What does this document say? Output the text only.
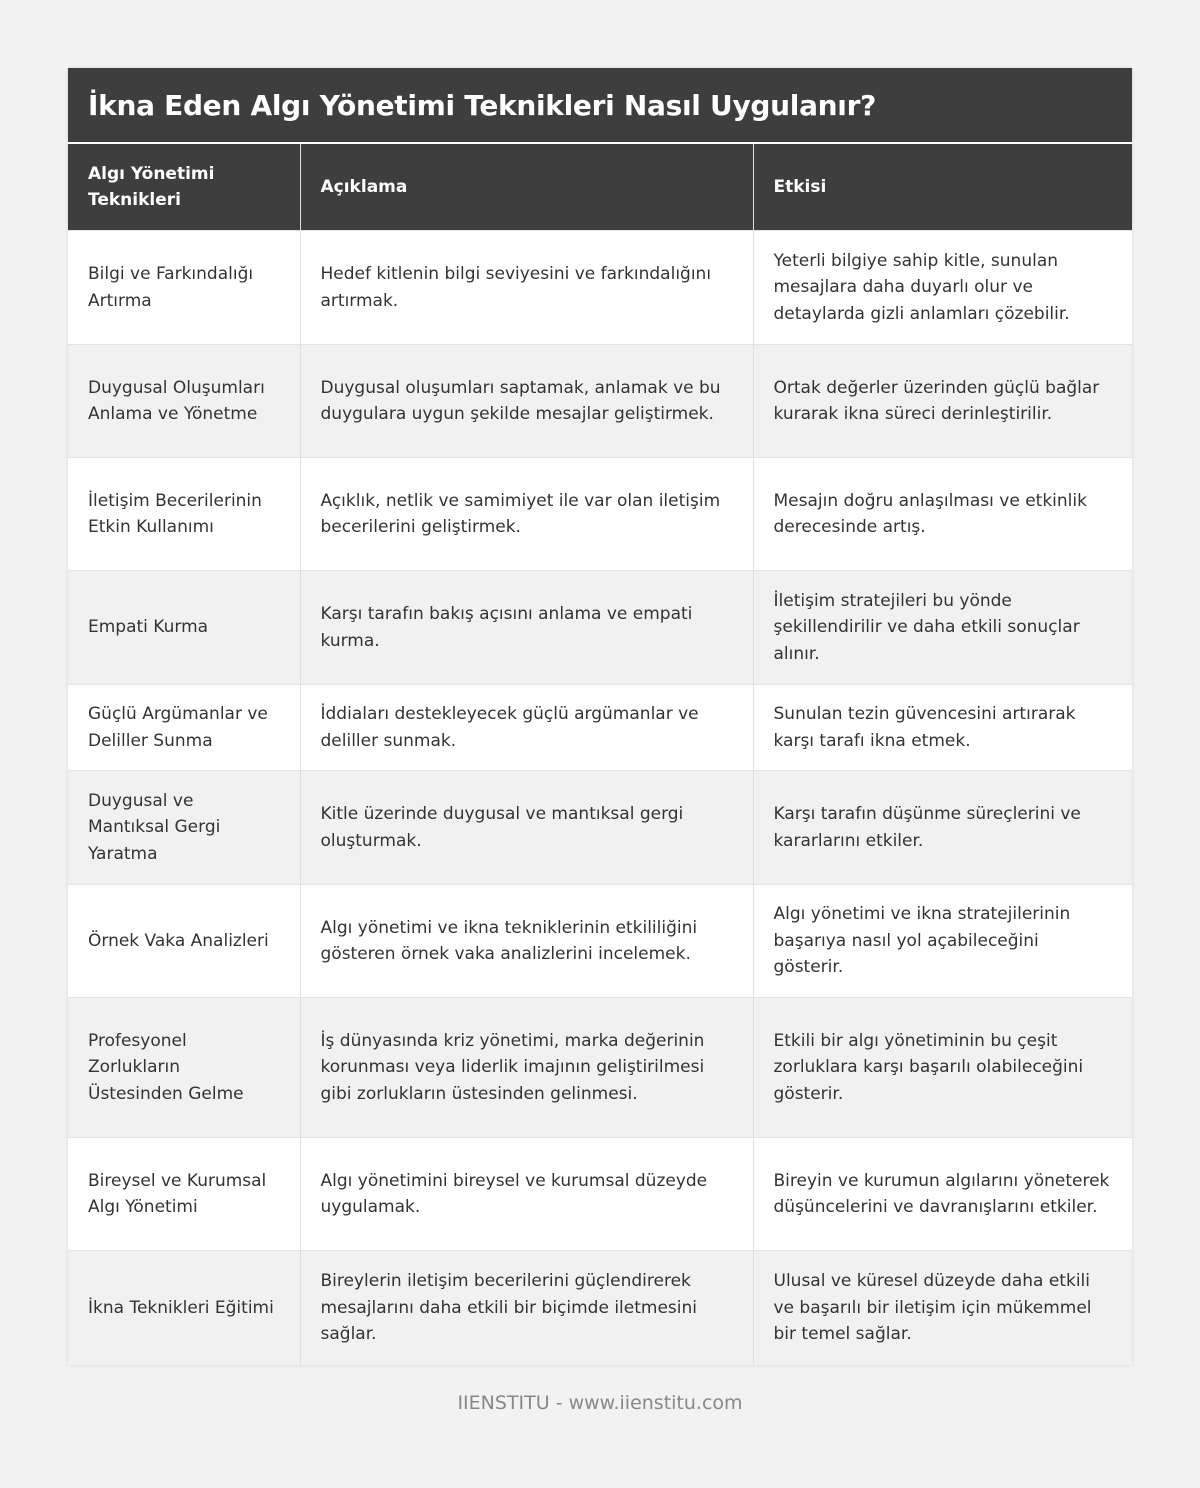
İkna Eden Algı Yönetimi Teknikleri Nasıl Uygulanır?
Algı Yönetimi Teknikleri	Açıklama	Etkisi
Bilgi ve Farkındalığı Artırma	Hedef kitlenin bilgi seviyesini ve farkındalığını artırmak.	Yeterli bilgiye sahip kitle, sunulan mesajlara daha duyarlı olur ve detaylarda gizli anlamları çözebilir.
Duygusal Oluşumları Anlama ve Yönetme	Duygusal oluşumları saptamak, anlamak ve bu duygulara uygun şekilde mesajlar geliştirmek.	Ortak değerler üzerinden güçlü bağlar kurarak ikna süreci derinleştirilir.
İletişim Becerilerinin Etkin Kullanımı	Açıklık, netlik ve samimiyet ile var olan iletişim becerilerini geliştirmek.	Mesajın doğru anlaşılması ve etkinlik derecesinde artış.
Empati Kurma	Karşı tarafın bakış açısını anlama ve empati kurma.	İletişim stratejileri bu yönde şekillendirilir ve daha etkili sonuçlar alınır.
Güçlü Argümanlar ve Deliller Sunma	İddiaları destekleyecek güçlü argümanlar ve deliller sunmak.	Sunulan tezin güvencesini artırarak karşı tarafı ikna etmek.
Duygusal ve Mantıksal Gergi Yaratma	Kitle üzerinde duygusal ve mantıksal gergi oluşturmak.	Karşı tarafın düşünme süreçlerini ve kararlarını etkiler.
Örnek Vaka Analizleri	Algı yönetimi ve ikna tekniklerinin etkililiğini gösteren örnek vaka analizlerini incelemek.	Algı yönetimi ve ikna stratejilerinin başarıya nasıl yol açabileceğini gösterir.
Profesyonel Zorlukların Üstesinden Gelme	İş dünyasında kriz yönetimi, marka değerinin korunması veya liderlik imajının geliştirilmesi gibi zorlukların üstesinden gelinmesi.	Etkili bir algı yönetiminin bu çeşit zorluklara karşı başarılı olabileceğini gösterir.
Bireysel ve Kurumsal Algı Yönetimi	Algı yönetimini bireysel ve kurumsal düzeyde uygulamak.	Bireyin ve kurumun algılarını yöneterek düşüncelerini ve davranışlarını etkiler.
İkna Teknikleri Eğitimi	Bireylerin iletişim becerilerini güçlendirerek mesajlarını daha etkili bir biçimde iletmesini sağlar.	Ulusal ve küresel düzeyde daha etkili ve başarılı bir iletişim için mükemmel bir temel sağlar.
IIENSTITU - www.iienstitu.com
